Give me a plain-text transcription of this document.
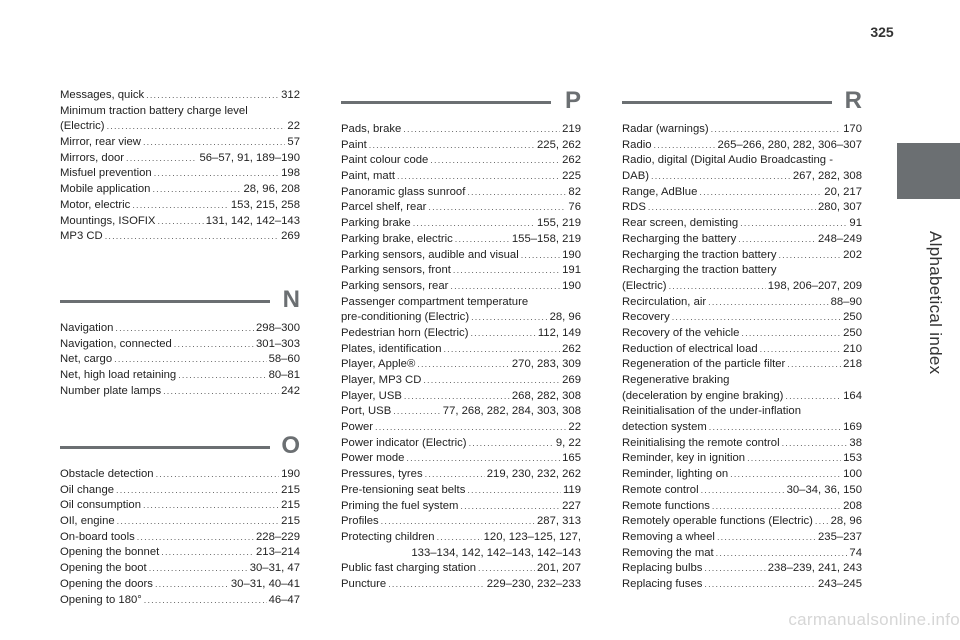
325
Alphabetical index
Messages, quick .....	312
Minimum traction battery charge level
(Electric) .....	22
Mirror, rear view .....	57
Mirrors, door .....	56–57, 91, 189–190
Misfuel prevention .....	198
Mobile application .....	28, 96, 208
Motor, electric .....	153, 215, 258
Mountings, ISOFIX .....	131, 142, 142–143
MP3 CD .....	269
N
Navigation .....	298–300
Navigation, connected .....	301–303
Net, cargo .....	58–60
Net, high load retaining .....	80–81
Number plate lamps .....	242
O
Obstacle detection .....	190
Oil change .....	215
Oil consumption .....	215
OIl, engine .....	215
On-board tools .....	228–229
Opening the bonnet .....	213–214
Opening the boot .....	30–31, 47
Opening the doors .....	30–31, 40–41
Opening to 180° .....	46–47
P
Pads, brake .....	219
Paint .....	225, 262
Paint colour code .....	262
Paint, matt .....	225
Panoramic glass sunroof .....	82
Parcel shelf, rear .....	76
Parking brake .....	155, 219
Parking brake, electric .....	155–158, 219
Parking sensors, audible and visual .....	190
Parking sensors, front .....	191
Parking sensors, rear .....	190
Passenger compartment temperature
pre-conditioning (Electric) .....	28, 96
Pedestrian horn (Electric) .....	112, 149
Plates, identification .....	262
Player, Apple® .....	270, 283, 309
Player, MP3 CD .....	269
Player, USB .....	268, 282, 308
Port, USB .....	77, 268, 282, 284, 303, 308
Power .....	22
Power indicator (Electric) .....	9, 22
Power mode .....	165
Pressures, tyres .....	219, 230, 232, 262
Pre-tensioning seat belts .....	119
Priming the fuel system .....	227
Profiles .....	287, 313
Protecting children .....	120, 123–125, 127,
133–134, 142, 142–143, 142–143
Public fast charging station .....	201, 207
Puncture .....	229–230, 232–233
R
Radar (warnings) .....	170
Radio .....	265–266, 280, 282, 306–307
Radio, digital (Digital Audio Broadcasting -
DAB) .....	267, 282, 308
Range, AdBlue .....	20, 217
RDS .....	280, 307
Rear screen, demisting .....	91
Recharging the battery .....	248–249
Recharging the traction battery .....	202
Recharging the traction battery
(Electric) .....	198, 206–207, 209
Recirculation, air .....	88–90
Recovery .....	250
Recovery of the vehicle .....	250
Reduction of electrical load .....	210
Regeneration of the particle filter .....	218
Regenerative braking
(deceleration by engine braking) .....	164
Reinitialisation of the under-inflation
detection system .....	169
Reinitialising the remote control .....	38
Reminder, key in ignition .....	153
Reminder, lighting on .....	100
Remote control .....	30–34, 36, 150
Remote functions .....	208
Remotely operable functions (Electric) ..... 28, 96
Removing a wheel .....	235–237
Removing the mat .....	74
Replacing bulbs .....	238–239, 241, 243
Replacing fuses .....	243–245
carmanualsonline.info
